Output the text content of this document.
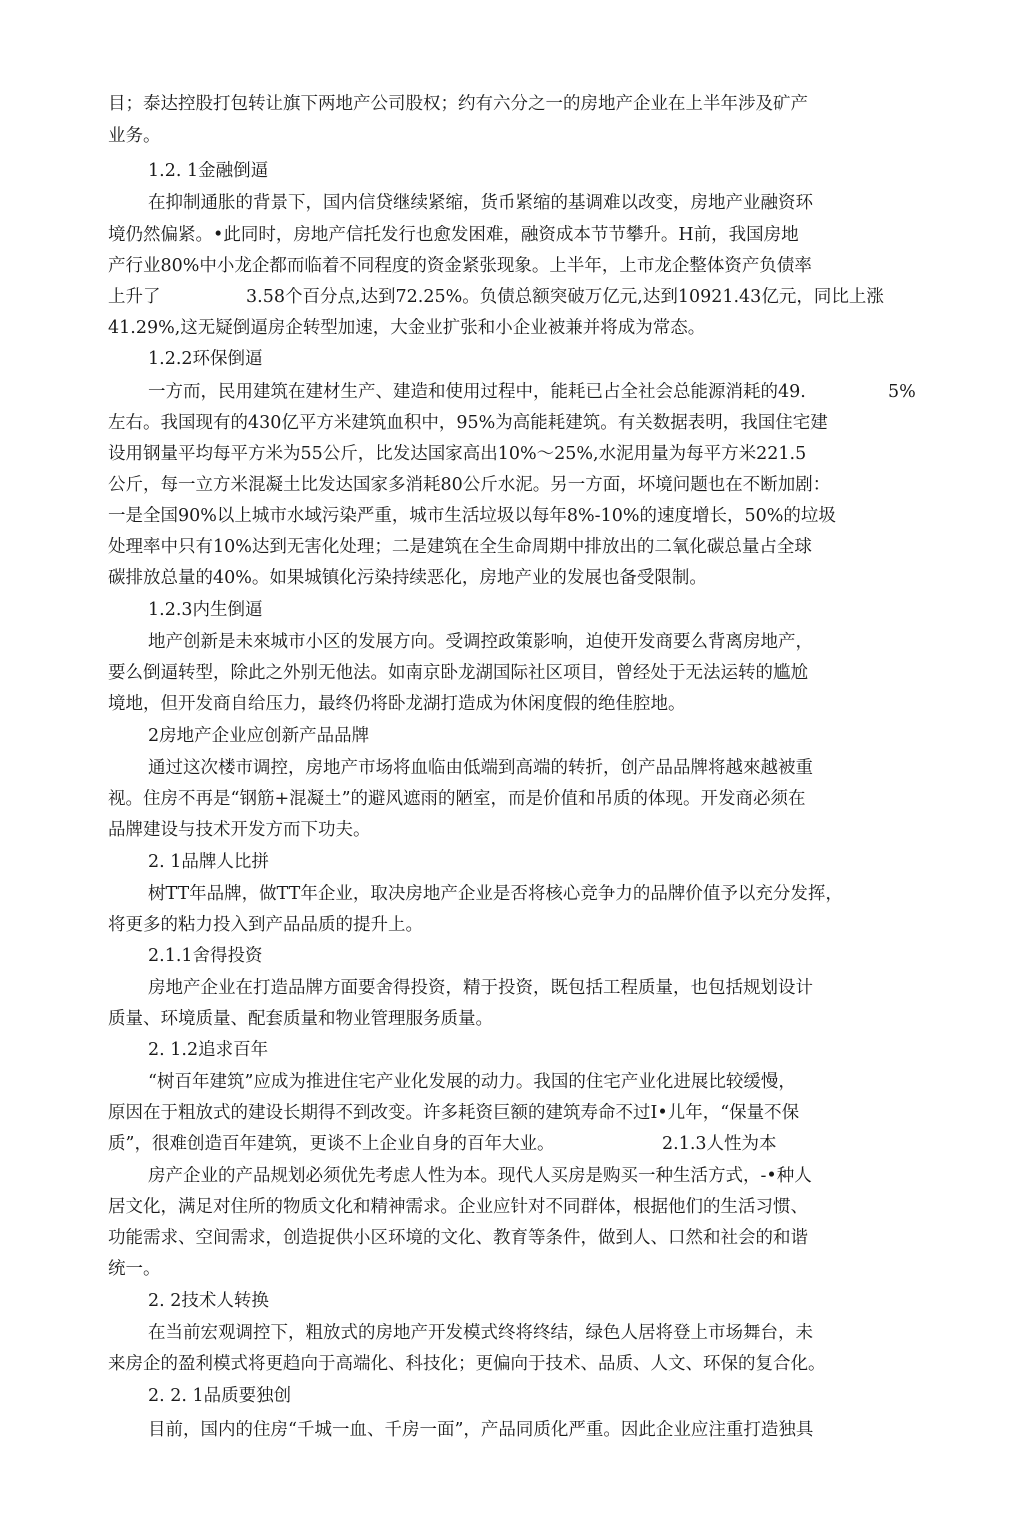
目；泰达控股打包转让旗下两地产公司股权；约有六分之一的房地产企业在上半年涉及矿产
业务。
1.2. 1金融倒逼
在抑制通胀的背景下，国内信贷继续紧缩，货币紧缩的基调难以改变，房地产业融资环
境仍然偏紧。•此同时，房地产信托发行也愈发困难，融资成本节节攀升。H前，我国房地
产行业80%中小龙企都而临着不同程度的资金紧张现象。上半年，上市龙企整体资产负债率
上升了	3.58个百分点,达到72.25%。负债总额突破万亿元,达到10921.43亿元，同比上涨
41.29%,这无疑倒逼房企转型加速，大金业扩张和小企业被兼并将成为常态。
1.2.2环保倒逼
一方而，民用建筑在建材生产、建造和使用过程中，能耗已占全社会总能源消耗的49.	5%
左右。我国现有的430亿平方米建筑血积中，95%为高能耗建筑。有关数据表明，我国住宅建
设用钢量平均每平方米为55公斤，比发达国家高出10%〜25%,水泥用量为每平方米221.5
公斤，每一立方米混凝土比发达国家多消耗80公斤水泥。另一方面，坏境问题也在不断加剧：
一是全国90%以上城市水域污染严重，城市生活垃圾以每年8%-10%的速度增长，50%的垃圾
处理率中只有10%达到无害化处理；二是建筑在全生命周期中排放出的二氧化碳总量占全球
碳排放总量的40%。如果城镇化污染持续恶化，房地产业的发展也备受限制。
1.2.3内生倒逼
地产创新是未來城市小区的发展方向。受调控政策影响，迫使开发商要么背离房地产，
要么倒逼转型，除此之外别无他法。如南京卧龙湖国际社区项目，曾经处于无法运转的尴尬
境地，但开发商自给压力，最终仍将卧龙湖打造成为休闲度假的绝佳腔地。
2房地产企业应创新产品品牌
通过这次楼市调控，房地产市场将血临由低端到高端的转折，创产品品牌将越來越被重
视。住房不再是“钢筋+混凝土”的避风遮雨的陋室，而是价值和吊质的体现。开发商必须在
品牌建设与技术开发方而下功夫。
2. 1品牌人比拼
树TT年品牌，做TT年企业，取决房地产企业是否将核心竞争力的品牌价值予以充分发挥，
将更多的粘力投入到产品品质的提升上。
2.1.1舍得投资
房地产企业在打造品牌方面要舍得投资，精于投资，既包括工程质量，也包括规划设计
质量、环境质量、配套质量和物业管理服务质量。
2. 1.2追求百年
“树百年建筑”应成为推进住宅产业化发展的动力。我国的住宅产业化进展比较缓慢，
原因在于粗放式的建设长期得不到改变。许多耗资巨额的建筑寿命不过I•儿年，“保量不保
质”，很难创造百年建筑，更谈不上企业自身的百年大业。	2.1.3人性为本
房产企业的产品规划必须优先考虑人性为本。现代人买房是购买一种生活方式，-•种人
居文化，满足对住所的物质文化和精神需求。企业应针对不同群体，根据他们的生活习惯、
功能需求、空间需求，创造捉供小区环境的文化、教育等条件，做到人、口然和社会的和谐
统一。
2. 2技术人转换
在当前宏观调控下，粗放式的房地产开发模式终将终结，绿色人居将登上市场舞台，未
来房企的盈利模式将更趋向于高端化、科技化；更偏向于技术、品质、人文、环保的复合化。
2. 2. 1品质要独创
目前，国内的住房“千城一血、千房一面”，产品同质化严重。因此企业应注重打造独具
